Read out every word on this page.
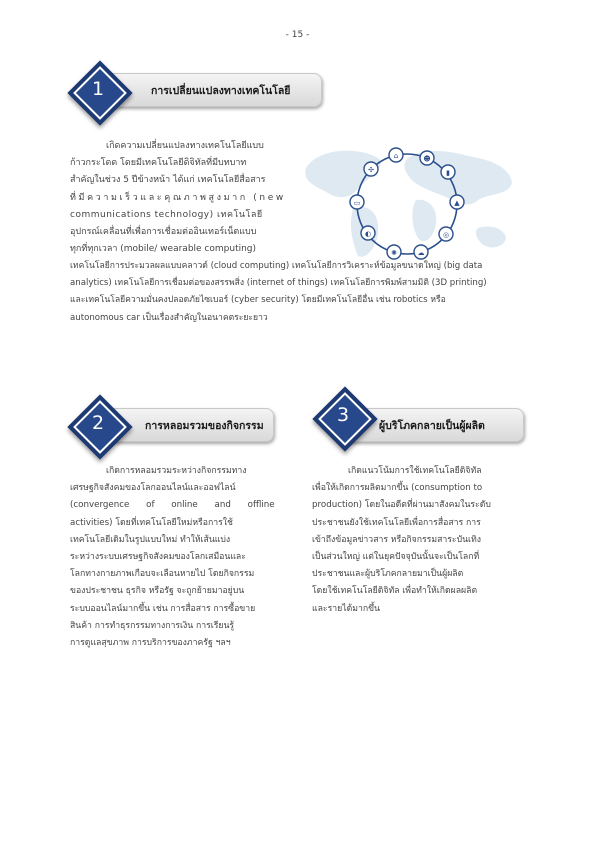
- 15 -
การเปลี่ยนแปลงทางเทคโนโลยี
1

เกิดความเปลี่ยนแปลงทางเทคโนโลยีแบบ

ก้าวกระโดด โดยมีเทคโนโลยีดิจิทัลที่มีบทบาท

สำคัญในช่วง 5 ปีข้างหน้า ได้แก่ เทคโนโลยีสื่อสาร

ที่มีความเร็วและคุณภาพสูงมาก (new

communications technology) เทคโนโลยี

อุปกรณ์เคลื่อนที่เพื่อการเชื่อมต่ออินเทอร์เน็ตแบบ

ทุกที่ทุกเวลา (mobile/ wearable computing)

เทคโนโลยีการประมวลผลแบบคลาวด์ (cloud computing) เทคโนโลยีการวิเคราะห์ข้อมูลขนาดใหญ่ (big data

analytics) เทคโนโลยีการเชื่อมต่อของสรรพสิ่ง (internet of things) เทคโนโลยีการพิมพ์สามมิติ (3D printing)

และเทคโนโลยีความมั่นคงปลอดภัยไซเบอร์ (cyber security) โดยมีเทคโนโลยีอื่น เช่น robotics หรือ

autonomous car เป็นเรื่องสำคัญในอนาคตระยะยาว

⌂	☻
✣	▮
▭	▲
◐	◎
✺	☁
การหลอมรวมของกิจกรรม
2	ผู้บริโภคกลายเป็นผู้ผลิต
3

เกิดการหลอมรวมระหว่างกิจกรรมทาง

เศรษฐกิจสังคมของโลกออนไลน์และออฟไลน์

(convergence of online and offline

activities) โดยที่เทคโนโลยีใหม่หรือการใช้

เทคโนโลยีเดิมในรูปแบบใหม่ ทำให้เส้นแบ่ง

ระหว่างระบบเศรษฐกิจสังคมของโลกเสมือนและ

โลกทางกายภาพเกือบจะเลือนหายไป โดยกิจกรรม

ของประชาชน ธุรกิจ หรือรัฐ จะถูกย้ายมาอยู่บน

ระบบออนไลน์มากขึ้น เช่น การสื่อสาร การซื้อขาย

สินค้า การทำธุรกรรมทางการเงิน การเรียนรู้

การดูแลสุขภาพ การบริการของภาครัฐ ฯลฯ

เกิดแนวโน้มการใช้เทคโนโลยีดิจิทัล

เพื่อให้เกิดการผลิตมากขึ้น (consumption to

production) โดยในอดีตที่ผ่านมาสังคมในระดับ

ประชาชนยังใช้เทคโนโลยีเพื่อการสื่อสาร การ

เข้าถึงข้อมูลข่าวสาร หรือกิจกรรมสาระบันเทิง

เป็นส่วนใหญ่ แต่ในยุคปัจจุบันนั้นจะเป็นโลกที่

ประชาชนและผู้บริโภคกลายมาเป็นผู้ผลิต

โดยใช้เทคโนโลยีดิจิทัล เพื่อทำให้เกิดผลผลิต

และรายได้มากขึ้น
